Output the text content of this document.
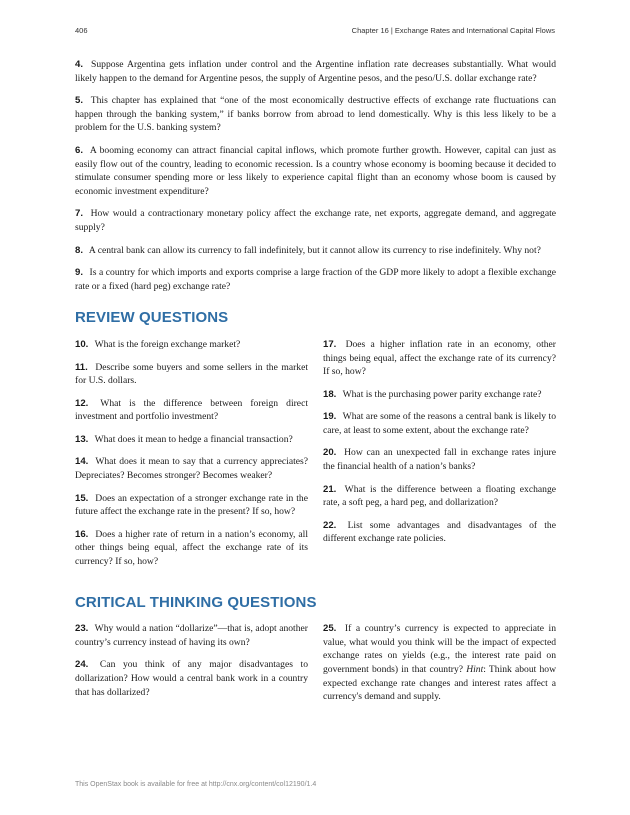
406	Chapter 16 | Exchange Rates and International Capital Flows

4. Suppose Argentina gets inflation under control and the Argentine inflation rate decreases substantially. What would likely happen to the demand for Argentine pesos, the supply of Argentine pesos, and the peso/U.S. dollar exchange rate?

5. This chapter has explained that “one of the most economically destructive effects of exchange rate fluctuations can happen through the banking system,” if banks borrow from abroad to lend domestically. Why is this less likely to be a problem for the U.S. banking system?

6. A booming economy can attract financial capital inflows, which promote further growth. However, capital can just as easily flow out of the country, leading to economic recession. Is a country whose economy is booming because it decided to stimulate consumer spending more or less likely to experience capital flight than an economy whose boom is caused by economic investment expenditure?

7. How would a contractionary monetary policy affect the exchange rate, net exports, aggregate demand, and aggregate supply?

8. A central bank can allow its currency to fall indefinitely, but it cannot allow its currency to rise indefinitely. Why not?

9. Is a country for which imports and exports comprise a large fraction of the GDP more likely to adopt a flexible exchange rate or a fixed (hard peg) exchange rate?

REVIEW QUESTIONS

10. What is the foreign exchange market?

11. Describe some buyers and some sellers in the market for U.S. dollars.

12. What is the difference between foreign direct investment and portfolio investment?

13. What does it mean to hedge a financial transaction?

14. What does it mean to say that a currency appreciates? Depreciates? Becomes stronger? Becomes weaker?

15. Does an expectation of a stronger exchange rate in the future affect the exchange rate in the present? If so, how?

16. Does a higher rate of return in a nation’s economy, all other things being equal, affect the exchange rate of its currency? If so, how?

17. Does a higher inflation rate in an economy, other things being equal, affect the exchange rate of its currency? If so, how?

18. What is the purchasing power parity exchange rate?

19. What are some of the reasons a central bank is likely to care, at least to some extent, about the exchange rate?

20. How can an unexpected fall in exchange rates injure the financial health of a nation’s banks?

21. What is the difference between a floating exchange rate, a soft peg, a hard peg, and dollarization?

22. List some advantages and disadvantages of the different exchange rate policies.

CRITICAL THINKING QUESTIONS

23. Why would a nation “dollarize”—that is, adopt another country’s currency instead of having its own?

24. Can you think of any major disadvantages to dollarization? How would a central bank work in a country that has dollarized?

25. If a country’s currency is expected to appreciate in value, what would you think will be the impact of expected exchange rates on yields (e.g., the interest rate paid on government bonds) in that country? Hint: Think about how expected exchange rate changes and interest rates affect a currency's demand and supply.

This OpenStax book is available for free at http://cnx.org/content/col12190/1.4
